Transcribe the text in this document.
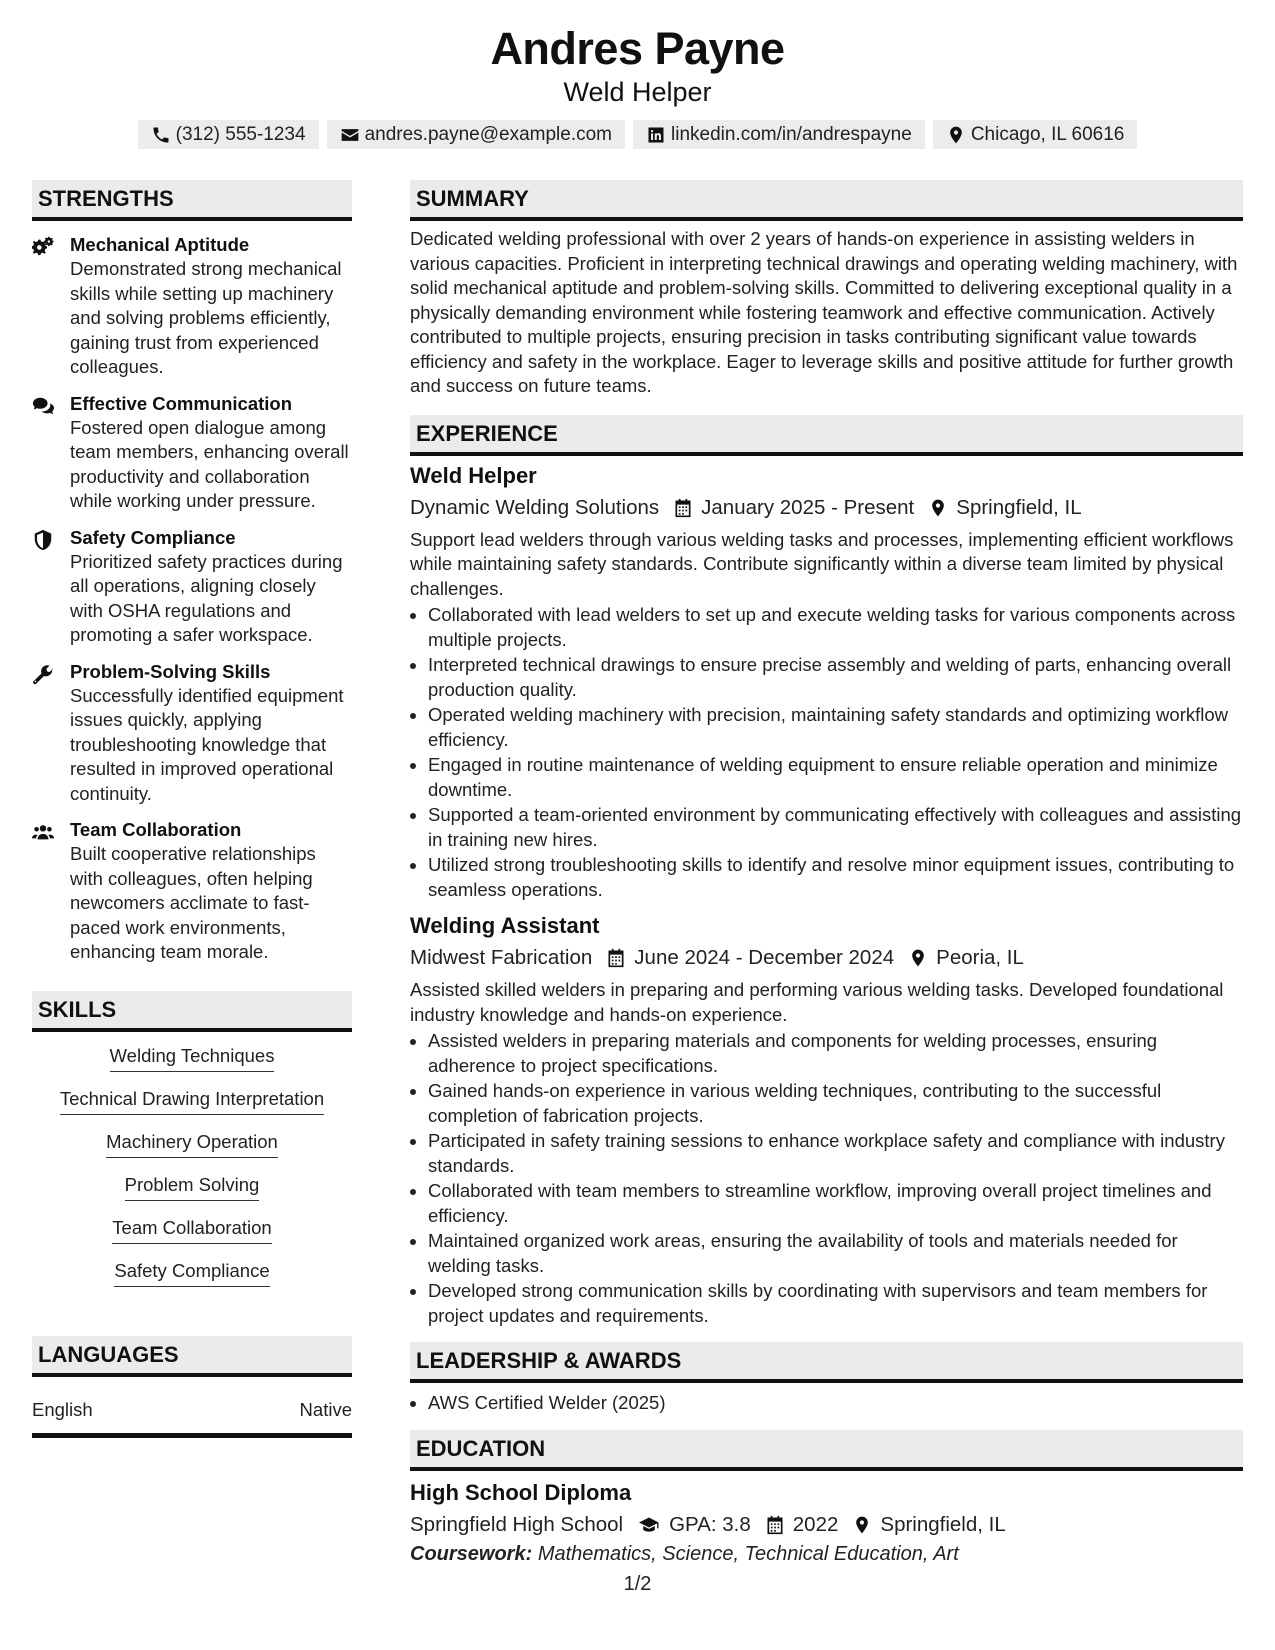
Andres Payne
Weld Helper
(312) 555-1234	andres.payne@example.com	linkedin.com/in/andrespayne	Chicago, IL 60616
STRENGTHS
Mechanical Aptitude
Demonstrated strong mechanical skills while setting up machinery and solving problems efficiently, gaining trust from experienced colleagues.
Effective Communication
Fostered open dialogue among team members, enhancing overall productivity and collaboration while working under pressure.
Safety Compliance
Prioritized safety practices during all operations, aligning closely with OSHA regulations and promoting a safer workspace.
Problem-Solving Skills
Successfully identified equipment issues quickly, applying troubleshooting knowledge that resulted in improved operational continuity.
Team Collaboration
Built cooperative relationships with colleagues, often helping newcomers acclimate to fast-paced work environments, enhancing team morale.
SKILLS
Welding Techniques
Technical Drawing Interpretation
Machinery Operation
Problem Solving
Team Collaboration
Safety Compliance
LANGUAGES
English	Native
SUMMARY
Dedicated welding professional with over 2 years of hands-on experience in assisting welders in various capacities. Proficient in interpreting technical drawings and operating welding machinery, with solid mechanical aptitude and problem-solving skills. Committed to delivering exceptional quality in a physically demanding environment while fostering teamwork and effective communication. Actively contributed to multiple projects, ensuring precision in tasks contributing significant value towards efficiency and safety in the workplace. Eager to leverage skills and positive attitude for further growth and success on future teams.
EXPERIENCE
Weld Helper
Dynamic Welding Solutions January 2025 - Present Springfield, IL
Support lead welders through various welding tasks and processes, implementing efficient workflows while maintaining safety standards. Contribute significantly within a diverse team limited by physical challenges.
• Collaborated with lead welders to set up and execute welding tasks for various components across multiple projects.
• Interpreted technical drawings to ensure precise assembly and welding of parts, enhancing overall production quality.
• Operated welding machinery with precision, maintaining safety standards and optimizing workflow efficiency.
• Engaged in routine maintenance of welding equipment to ensure reliable operation and minimize downtime.
• Supported a team-oriented environment by communicating effectively with colleagues and assisting in training new hires.
• Utilized strong troubleshooting skills to identify and resolve minor equipment issues, contributing to seamless operations.
Welding Assistant
Midwest Fabrication June 2024 - December 2024 Peoria, IL
Assisted skilled welders in preparing and performing various welding tasks. Developed foundational industry knowledge and hands-on experience.
• Assisted welders in preparing materials and components for welding processes, ensuring adherence to project specifications.
• Gained hands-on experience in various welding techniques, contributing to the successful completion of fabrication projects.
• Participated in safety training sessions to enhance workplace safety and compliance with industry standards.
• Collaborated with team members to streamline workflow, improving overall project timelines and efficiency.
• Maintained organized work areas, ensuring the availability of tools and materials needed for welding tasks.
• Developed strong communication skills by coordinating with supervisors and team members for project updates and requirements.
LEADERSHIP & AWARDS
• AWS Certified Welder (2025)
EDUCATION
High School Diploma
Springfield High School GPA: 3.8 2022 Springfield, IL
Coursework: Mathematics, Science, Technical Education, Art
1/2
